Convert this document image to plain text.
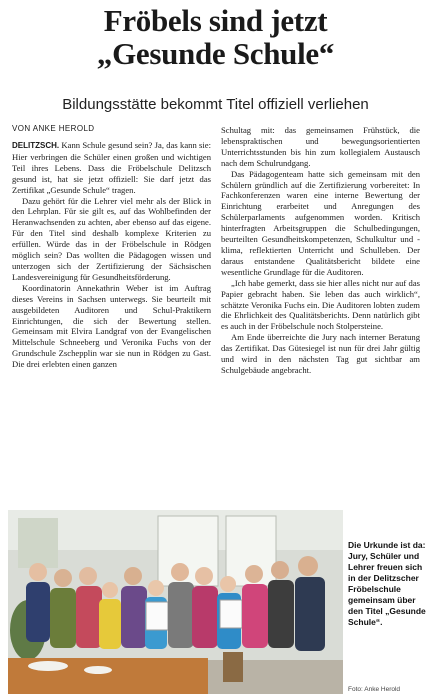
Fröbels sind jetzt
„Gesunde Schule“
Bildungsstätte bekommt Titel offiziell verliehen
VON ANKE HEROLD

DELITZSCH. Kann Schule gesund sein? Ja, das kann sie: Hier verbringen die Schüler einen großen und wichtigen Teil ihres Lebens. Dass die Fröbelschule Delitzsch gesund ist, hat sie jetzt offiziell: Sie darf jetzt das Zertifikat „Gesunde Schule“ tragen.

Dazu gehört für die Lehrer viel mehr als der Blick in den Lehrplan. Für sie gilt es, auf das Wohlbefinden der Heranwachsenden zu achten, aber ebenso auf das eigene. Für den Titel sind deshalb komplexe Kriterien zu erfüllen. Würde das in der Fröbelschule in Rödgen möglich sein? Das wollten die Pädagogen wissen und unterzogen sich der Zertifizierung der Sächsischen Landesvereinigung für Gesundheitsförderung.

Koordinatorin Annekathrin Weber ist im Auftrag dieses Vereins in Sachsen unterwegs. Sie beurteilt mit ausgebildeten Auditoren und Schul-Praktikern Einrichtungen, die sich der Bewertung stellen. Gemeinsam mit Elvira Landgraf von der Evangelischen Mittelschule Schneeberg und Veronika Fuchs von der Grundschule Zschepplin war sie nun in Rödgen zu Gast. Die drei erlebten einen ganzen

Schultag mit: das gemeinsamen Frühstück, die lebenspraktischen und bewegungsorientierten Unterrichtsstunden bis hin zum kollegialem Austausch nach dem Schulrundgang.

Das Pädagogenteam hatte sich gemeinsam mit den Schülern gründlich auf die Zertifizierung vorbereitet: In Fachkonferenzen waren eine interne Bewertung der Einrichtung erarbeitet und Anregungen des Schülerparlaments aufgenommen worden. Kritisch hinterfragten Arbeitsgruppen die Schulbedingungen, beurteilten Gesundheitskompetenzen, Schulkultur und -klima, reflektierten Unterricht und Schulleben. Der daraus entstandene Qualitätsbericht bildete eine wesentliche Grundlage für die Auditoren.

„Ich habe gemerkt, dass sie hier alles nicht nur auf das Papier gebracht haben. Sie leben das auch wirklich“, schätzte Veronika Fuchs ein. Die Auditoren lobten zudem die Ehrlichkeit des Qualitätsberichts. Denn natürlich gibt es auch in der Fröbelschule noch Stolpersteine.

Am Ende überreichte die Jury nach interner Beratung das Zertifikat. Das Gütesiegel ist nun für drei Jahr gültig und wird in den nächsten Tag gut sichtbar am Schulgebäude angebracht.

Die Urkunde ist da: Jury, Schüler und Lehrer freuen sich in der Delitzscher Fröbelschule gemeinsam über den Titel „Gesunde Schule“.
Foto: Anke Herold
